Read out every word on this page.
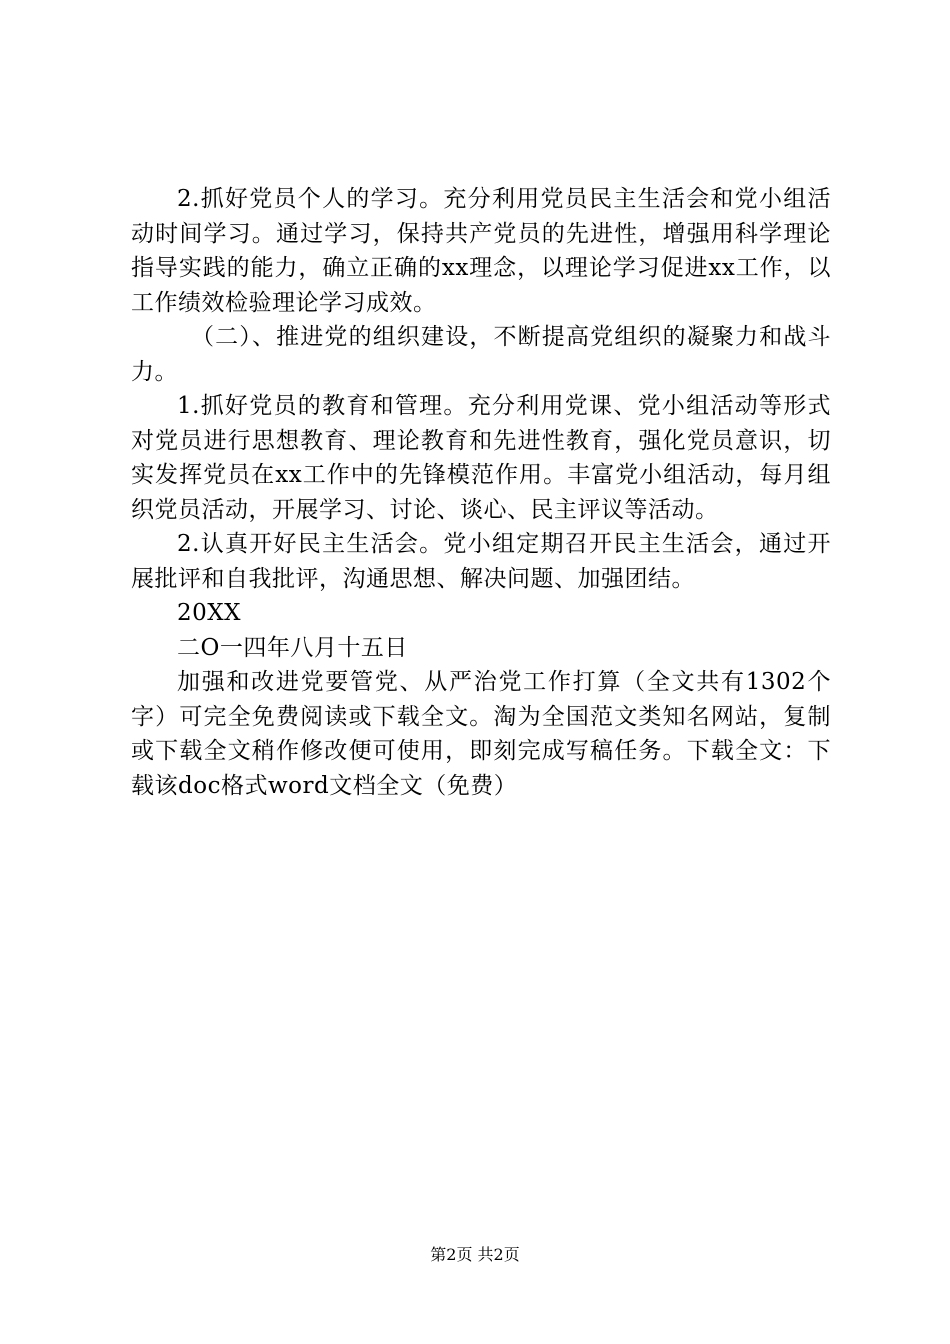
2.抓好党员个人的学习。充分利用党员民主生活会和党小组活动时间学习。通过学习，保持共产党员的先进性，增强用科学理论指导实践的能力，确立正确的xx理念，以理论学习促进xx工作，以工作绩效检验理论学习成效。

（二）、推进党的组织建设，不断提高党组织的凝聚力和战斗力。

1.抓好党员的教育和管理。充分利用党课、党小组活动等形式对党员进行思想教育、理论教育和先进性教育，强化党员意识，切实发挥党员在xx工作中的先锋模范作用。丰富党小组活动，每月组织党员活动，开展学习、讨论、谈心、民主评议等活动。

2.认真开好民主生活会。党小组定期召开民主生活会，通过开展批评和自我批评，沟通思想、解决问题、加强团结。

20XX

二O一四年八月十五日

加强和改进党要管党、从严治党工作打算（全文共有1302个字）可完全免费阅读或下载全文。淘为全国范文类知名网站，复制或下载全文稍作修改便可使用，即刻完成写稿任务。下载全文：下载该doc格式word文档全文（免费）

第2页 共2页
